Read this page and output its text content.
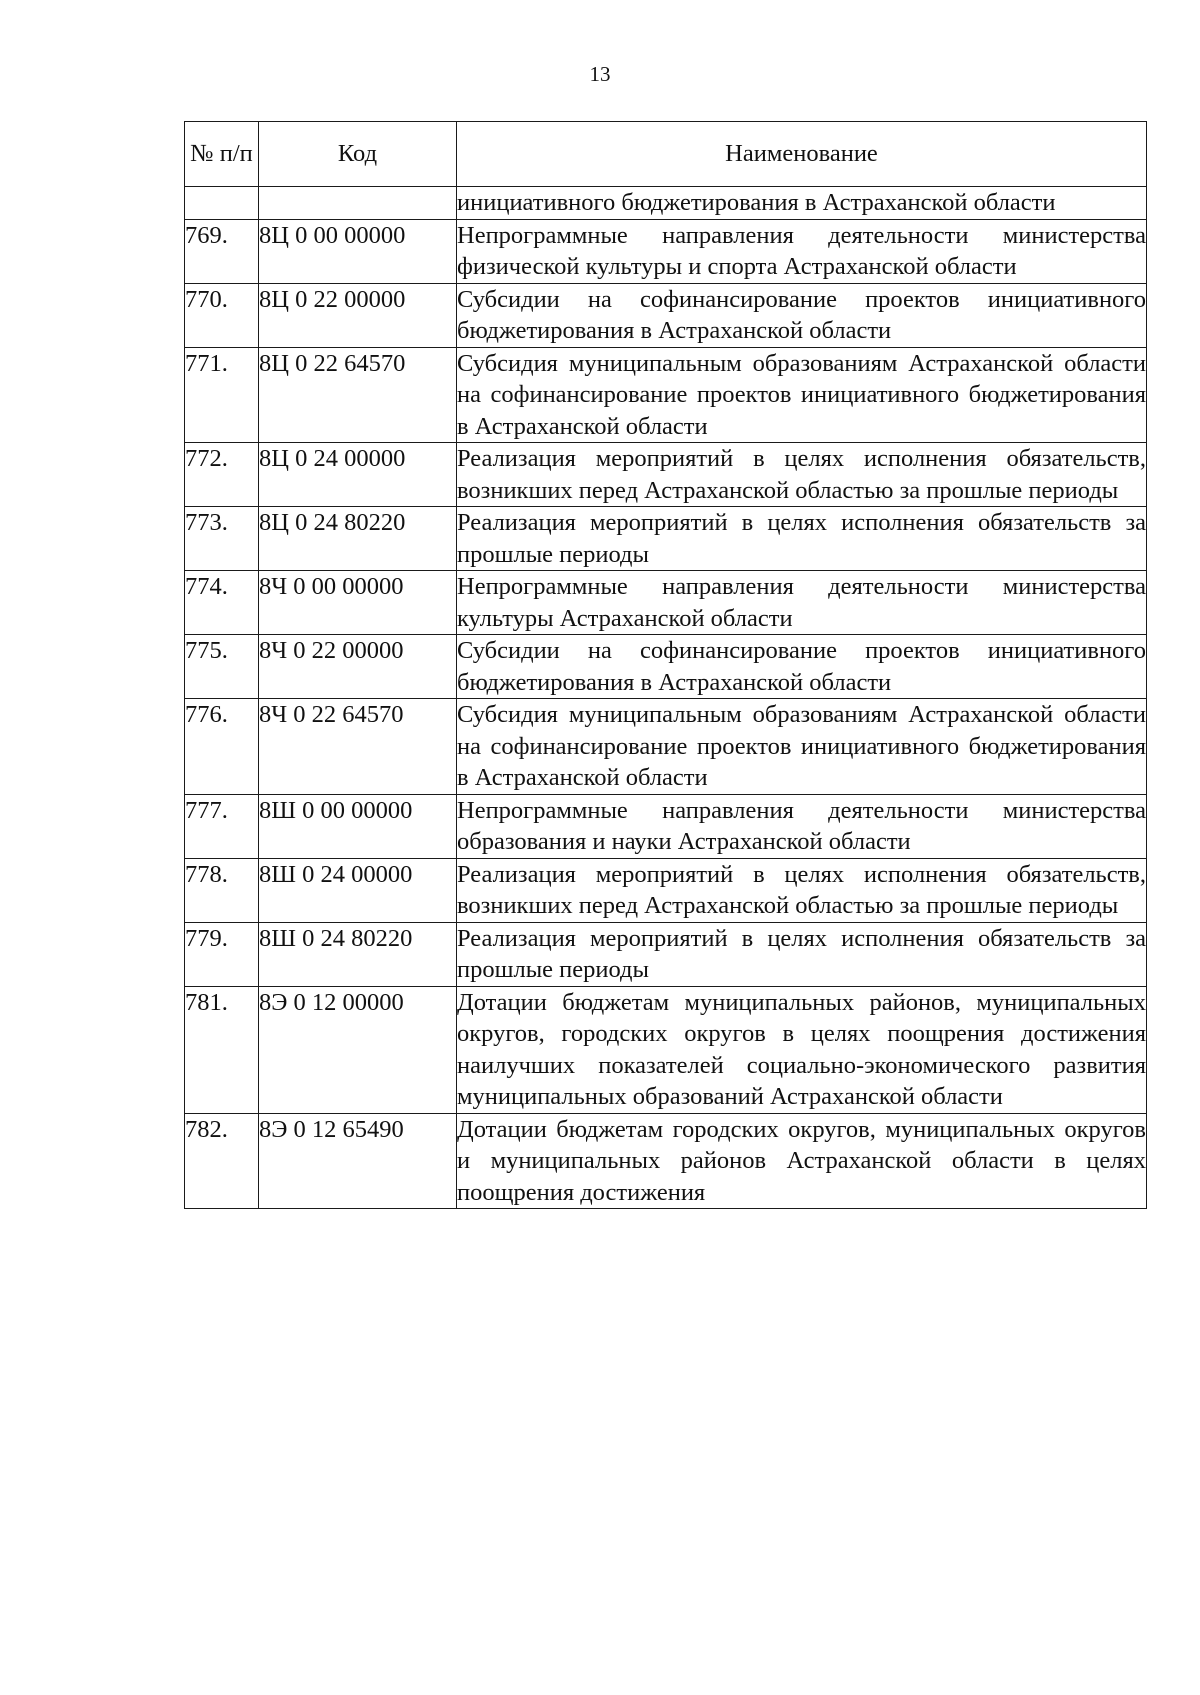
13
№ п/п	Код	Наименование
		инициативного бюджетирования в Астраханской области
769.	8Ц 0 00 00000	Непрограммные направления деятельности министерства физической культуры и спорта Астраханской области
770.	8Ц 0 22 00000	Субсидии на софинансирование проектов инициативного бюджетирования в Астраханской области
771.	8Ц 0 22 64570	Субсидия муниципальным образованиям Астраханской области на софинансирование проектов инициативного бюджетирования в Астраханской области
772.	8Ц 0 24 00000	Реализация мероприятий в целях исполнения обязательств, возникших перед Астраханской областью за прошлые периоды
773.	8Ц 0 24 80220	Реализация мероприятий в целях исполнения обязательств за прошлые периоды
774.	8Ч 0 00 00000	Непрограммные направления деятельности министерства культуры Астраханской области
775.	8Ч 0 22 00000	Субсидии на софинансирование проектов инициативного бюджетирования в Астраханской области
776.	8Ч 0 22 64570	Субсидия муниципальным образованиям Астраханской области на софинансирование проектов инициативного бюджетирования в Астраханской области
777.	8Ш 0 00 00000	Непрограммные направления деятельности министерства образования и науки Астраханской области
778.	8Ш 0 24 00000	Реализация мероприятий в целях исполнения обязательств, возникших перед Астраханской областью за прошлые периоды
779.	8Ш 0 24 80220	Реализация мероприятий в целях исполнения обязательств за прошлые периоды
781.	8Э 0 12 00000	Дотации бюджетам муниципальных районов, муниципальных округов, городских округов в целях поощрения достижения наилучших показателей социально-экономического развития муниципальных образований Астраханской области
782.	8Э 0 12 65490	Дотации бюджетам городских округов, муниципальных округов и муниципальных районов Астраханской области в целях поощрения достижения
